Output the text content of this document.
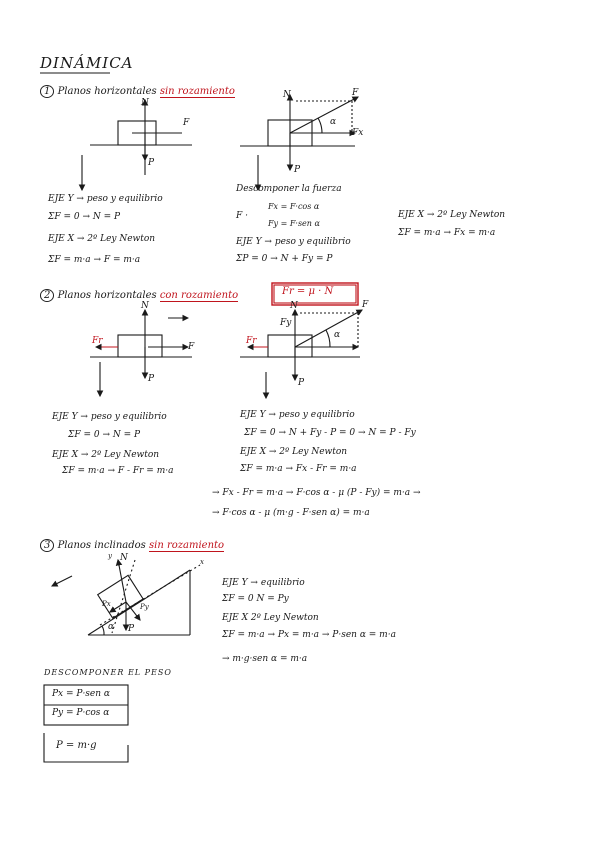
DINÁMICA
1 Planos horizontales sin rozamiento
N
F
P
N	F
α
Fx
P
EJE Y → peso y equilibrio
ΣF = 0 → N = P
EJE X → 2º Ley Newton
ΣF = m·a → F = m·a
Descomponer la fuerza
F ·
Fx = F·cos α
Fy = F·sen α
EJE Y → peso y equilibrio
ΣP = 0 → N + Fy = P
EJE X → 2º Ley Newton
ΣF = m·a → Fx = m·a
2 Planos horizontales con rozamiento	Fr = μ · N
N
F
Fr
P
N
Fy
F
Fr
α
P
EJE Y → peso y equilibrio
ΣF = 0 → N = P
EJE X → 2º Ley Newton
ΣF = m·a → F - Fr = m·a
EJE Y → peso y equilibrio
ΣF = 0 → N + Fy - P = 0 → N = P - Fy
EJE X → 2º Ley Newton
ΣF = m·a → Fx - Fr = m·a
→ Fx - Fr = m·a → F·cos α - μ (P - Fy) = m·a →
→ F·cos α - μ (m·g - F·sen α) = m·a
3 Planos inclinados sin rozamiento
N
y
x
Px	Py
P
α
EJE Y → equilibrio
ΣF = 0 N = Py
EJE X 2º Ley Newton
ΣF = m·a → Px = m·a → P·sen α = m·a
→ m·g·sen α = m·a
DESCOMPONER EL PESO
Px = P·sen α
Py = P·cos α
P = m·g
